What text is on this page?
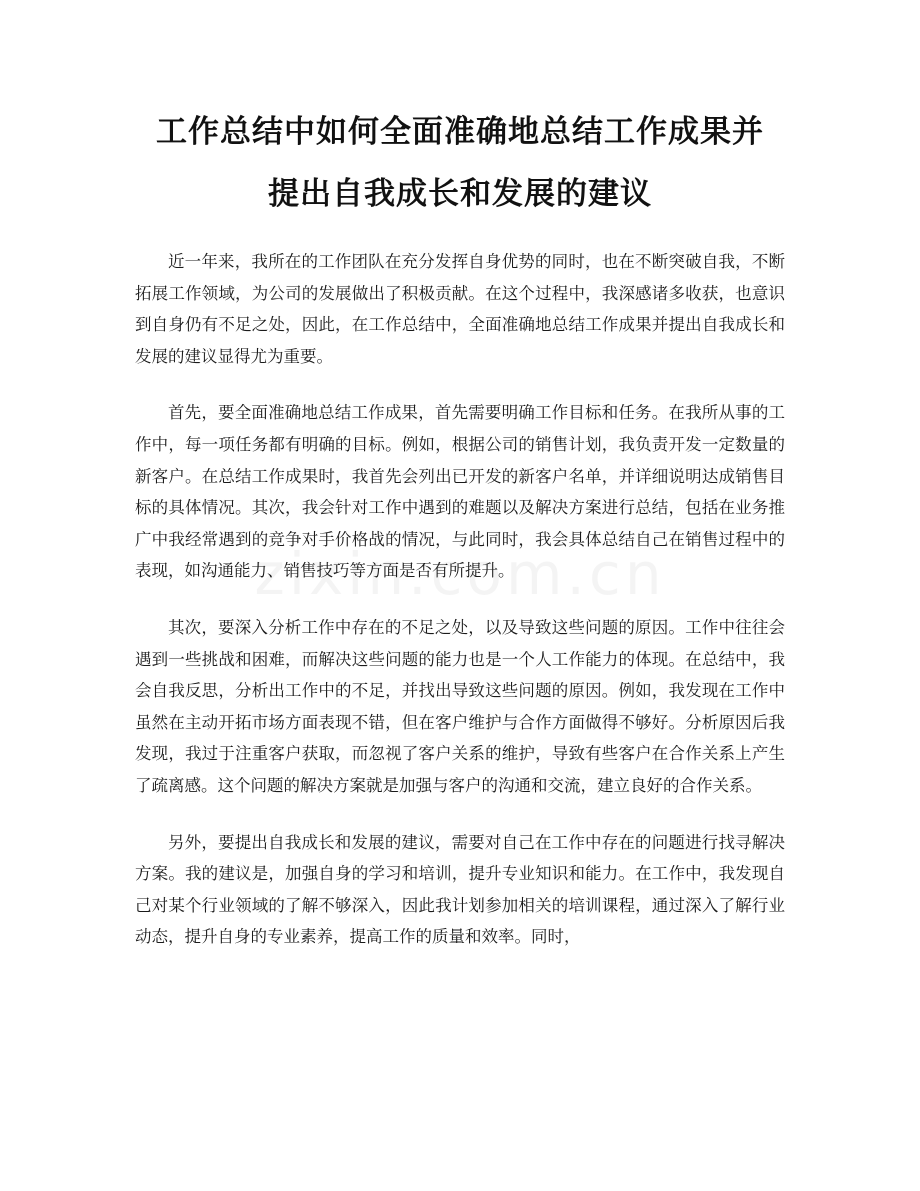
工作总结中如何全面准确地总结工作成果并
提出自我成长和发展的建议

近一年来，我所在的工作团队在充分发挥自身优势的同时，也在不断突破自我，不断拓展工作领域，为公司的发展做出了积极贡献。在这个过程中，我深感诸多收获，也意识到自身仍有不足之处，因此，在工作总结中，全面准确地总结工作成果并提出自我成长和发展的建议显得尤为重要。

首先，要全面准确地总结工作成果，首先需要明确工作目标和任务。在我所从事的工作中，每一项任务都有明确的目标。例如，根据公司的销售计划，我负责开发一定数量的新客户。在总结工作成果时，我首先会列出已开发的新客户名单，并详细说明达成销售目标的具体情况。其次，我会针对工作中遇到的难题以及解决方案进行总结，包括在业务推广中我经常遇到的竞争对手价格战的情况，与此同时，我会具体总结自己在销售过程中的表现，如沟通能力、销售技巧等方面是否有所提升。

其次，要深入分析工作中存在的不足之处，以及导致这些问题的原因。工作中往往会遇到一些挑战和困难，而解决这些问题的能力也是一个人工作能力的体现。在总结中，我会自我反思，分析出工作中的不足，并找出导致这些问题的原因。例如，我发现在工作中虽然在主动开拓市场方面表现不错，但在客户维护与合作方面做得不够好。分析原因后我发现，我过于注重客户获取，而忽视了客户关系的维护，导致有些客户在合作关系上产生了疏离感。这个问题的解决方案就是加强与客户的沟通和交流，建立良好的合作关系。

另外，要提出自我成长和发展的建议，需要对自己在工作中存在的问题进行找寻解决方案。我的建议是，加强自身的学习和培训，提升专业知识和能力。在工作中，我发现自己对某个行业领域的了解不够深入，因此我计划参加相关的培训课程，通过深入了解行业动态，提升自身的专业素养，提高工作的质量和效率。同时，
